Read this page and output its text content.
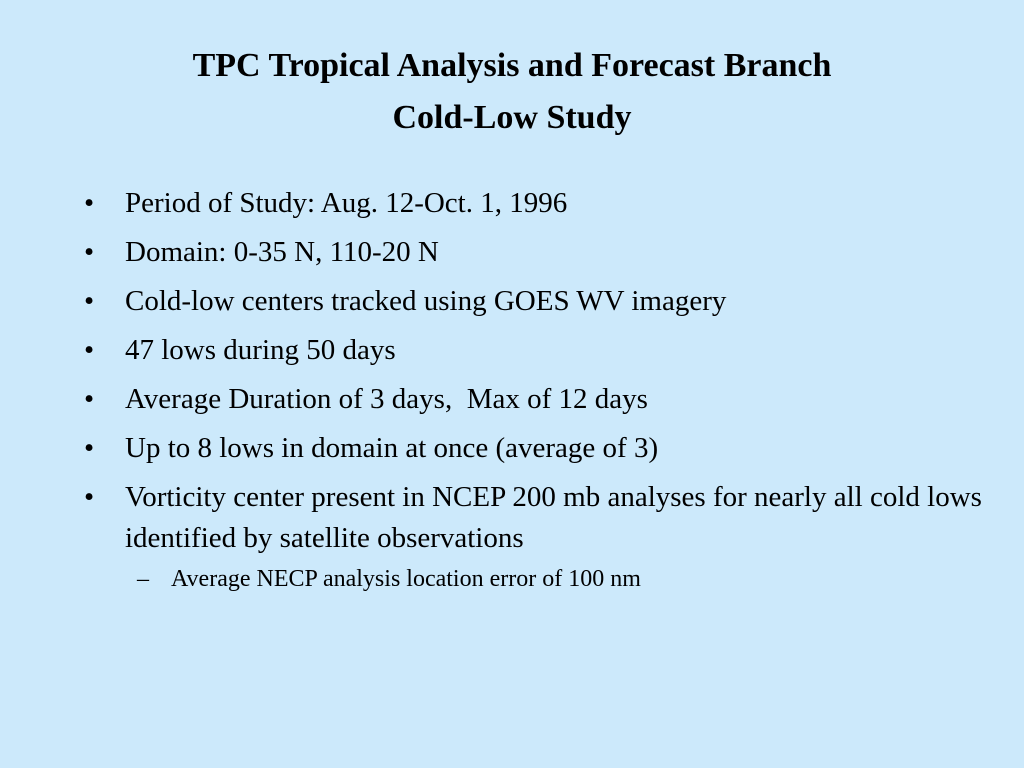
TPC Tropical Analysis and Forecast Branch
Cold-Low Study
• Period of Study: Aug. 12-Oct. 1, 1996
• Domain: 0-35 N, 110-20 N
• Cold-low centers tracked using GOES WV imagery
• 47 lows during 50 days
• Average Duration of 3 days,  Max of 12 days
• Up to 8 lows in domain at once (average of 3)
• Vorticity center present in NCEP 200 mb analyses for nearly all cold lows identified by satellite observations
– Average NECP analysis location error of 100 nm
